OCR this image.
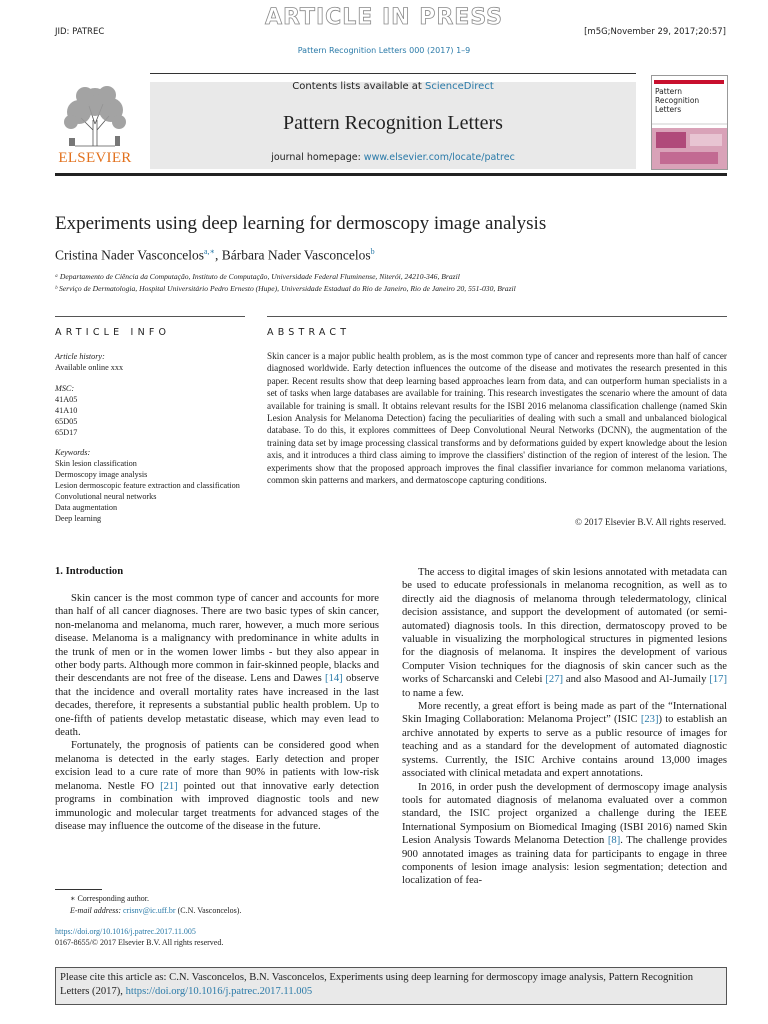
ARTICLE IN PRESS
JID: PATREC	[m5G;November 29, 2017;20:57]
Pattern Recognition Letters 000 (2017) 1–9
Contents lists available at ScienceDirect
Pattern Recognition Letters
journal homepage: www.elsevier.com/locate/patrec
ELSEVIER
Pattern Recognition Letters
Experiments using deep learning for dermoscopy image analysis
Cristina Nader Vasconcelos$^{a,∗}$, Bárbara Nader Vasconcelos$^b$
ᵃ Departamento de Ciência da Computação, Instituto de Computação, Universidade Federal Fluminense, Niterói, 24210-346, Brazil
ᵇ Serviço de Dermatologia, Hospital Universitário Pedro Ernesto (Hupe), Universidade Estadual do Rio de Janeiro, Rio de Janeiro 20, 551-030, Brazil
ARTICLE INFO	ABSTRACT

Article history:

Available online xxx

MSC:

41A05

41A10

65D05

65D17

Keywords:

Skin lesion classification

Dermoscopy image analysis

Lesion dermoscopic feature extraction and classification

Convolutional neural networks

Data augmentation

Deep learning

Skin cancer is a major public health problem, as is the most common type of cancer and represents more than half of cancer diagnosed worldwide. Early detection influences the outcome of the disease and motivates the research presented in this paper. Recent results show that deep learning based approaches learn from data, and can outperform human specialists in a set of tasks when large databases are available for training. This research investigates the scenario where the amount of data available for training is small. It obtains relevant results for the ISBI 2016 melanoma classification challenge (named Skin Lesion Analysis for Melanoma Detection) facing the peculiarities of dealing with such a small and unbalanced biological database. To do this, it explores committees of Deep Convolutional Neural Networks (DCNN), the augmentation of the training data set by image processing classical transforms and by deformations guided by expert knowledge about the lesion axis, and it introduces a third class aiming to improve the classifiers' distinction of the region of interest of the lesion. The experiments show that the proposed approach improves the final classifier invariance for common melanoma variations, common skin patterns and markers, and dermatoscope capturing conditions.
© 2017 Elsevier B.V. All rights reserved.
1. Introduction

Skin cancer is the most common type of cancer and accounts for more than half of all cancer diagnoses. There are two basic types of skin cancer, non-melanoma and melanoma, much rarer, however, a much more serious disease. Melanoma is a malignancy with predominance in white adults in the trunk of men or in the women lower limbs - but they also appear in other body parts. Although more common in fair-skinned people, blacks and their descendants are not free of the disease. Lens and Dawes [14] observe that the incidence and overall mortality rates have increased in the last decades, therefore, it represents a substantial public health problem. Up to one-fifth of patients develop metastatic disease, which may even lead to death.

Fortunately, the prognosis of patients can be considered good when melanoma is detected in the early stages. Early detection and proper excision lead to a cure rate of more than 90% in patients with low-risk melanoma. Nestle FO [21] pointed out that innovative early detection programs in combination with improved diagnostic tools and new immunologic and molecular target treatments for advanced stages of the disease may influence the outcome of the disease in the future.

The access to digital images of skin lesions annotated with metadata can be used to educate professionals in melanoma recognition, as well as to directly aid the diagnosis of melanoma through teledermatology, clinical decision assistance, and support the development of automated (or semi-automated) diagnosis tools. In this direction, dermatoscopy proved to be valuable in visualizing the morphological structures in pigmented lesions for the diagnosis of melanoma. It inspires the development of various Computer Vision techniques for the diagnosis of skin cancer such as the works of Scharcanski and Celebi [27] and also Masood and Al-Jumaily [17] to name a few.

More recently, a great effort is being made as part of the “International Skin Imaging Collaboration: Melanoma Project” (ISIC [23]) to establish an archive annotated by experts to serve as a public resource of images for teaching and as a standard for the development of automated diagnostic systems. Currently, the ISIC Archive contains around 13,000 images associated with clinical metadata and expert annotations.

In 2016, in order push the development of dermoscopy image analysis tools for automated diagnosis of melanoma evaluated over a common standard, the ISIC project organized a challenge during the IEEE International Symposium on Biomedical Imaging (ISBI 2016) named Skin Lesion Analysis Towards Melanoma Detection [8]. The challenge provides 900 annotated images as training data for participants to engage in three components of lesion image analysis: lesion segmentation; detection and localization of fea-

∗ Corresponding author.
E-mail address: crisnv@ic.uff.br (C.N. Vasconcelos).
https://doi.org/10.1016/j.patrec.2017.11.005
0167-8655/© 2017 Elsevier B.V. All rights reserved.
Please cite this article as: C.N. Vasconcelos, B.N. Vasconcelos, Experiments using deep learning for dermoscopy image analysis, Pattern Recognition Letters (2017), https://doi.org/10.1016/j.patrec.2017.11.005
